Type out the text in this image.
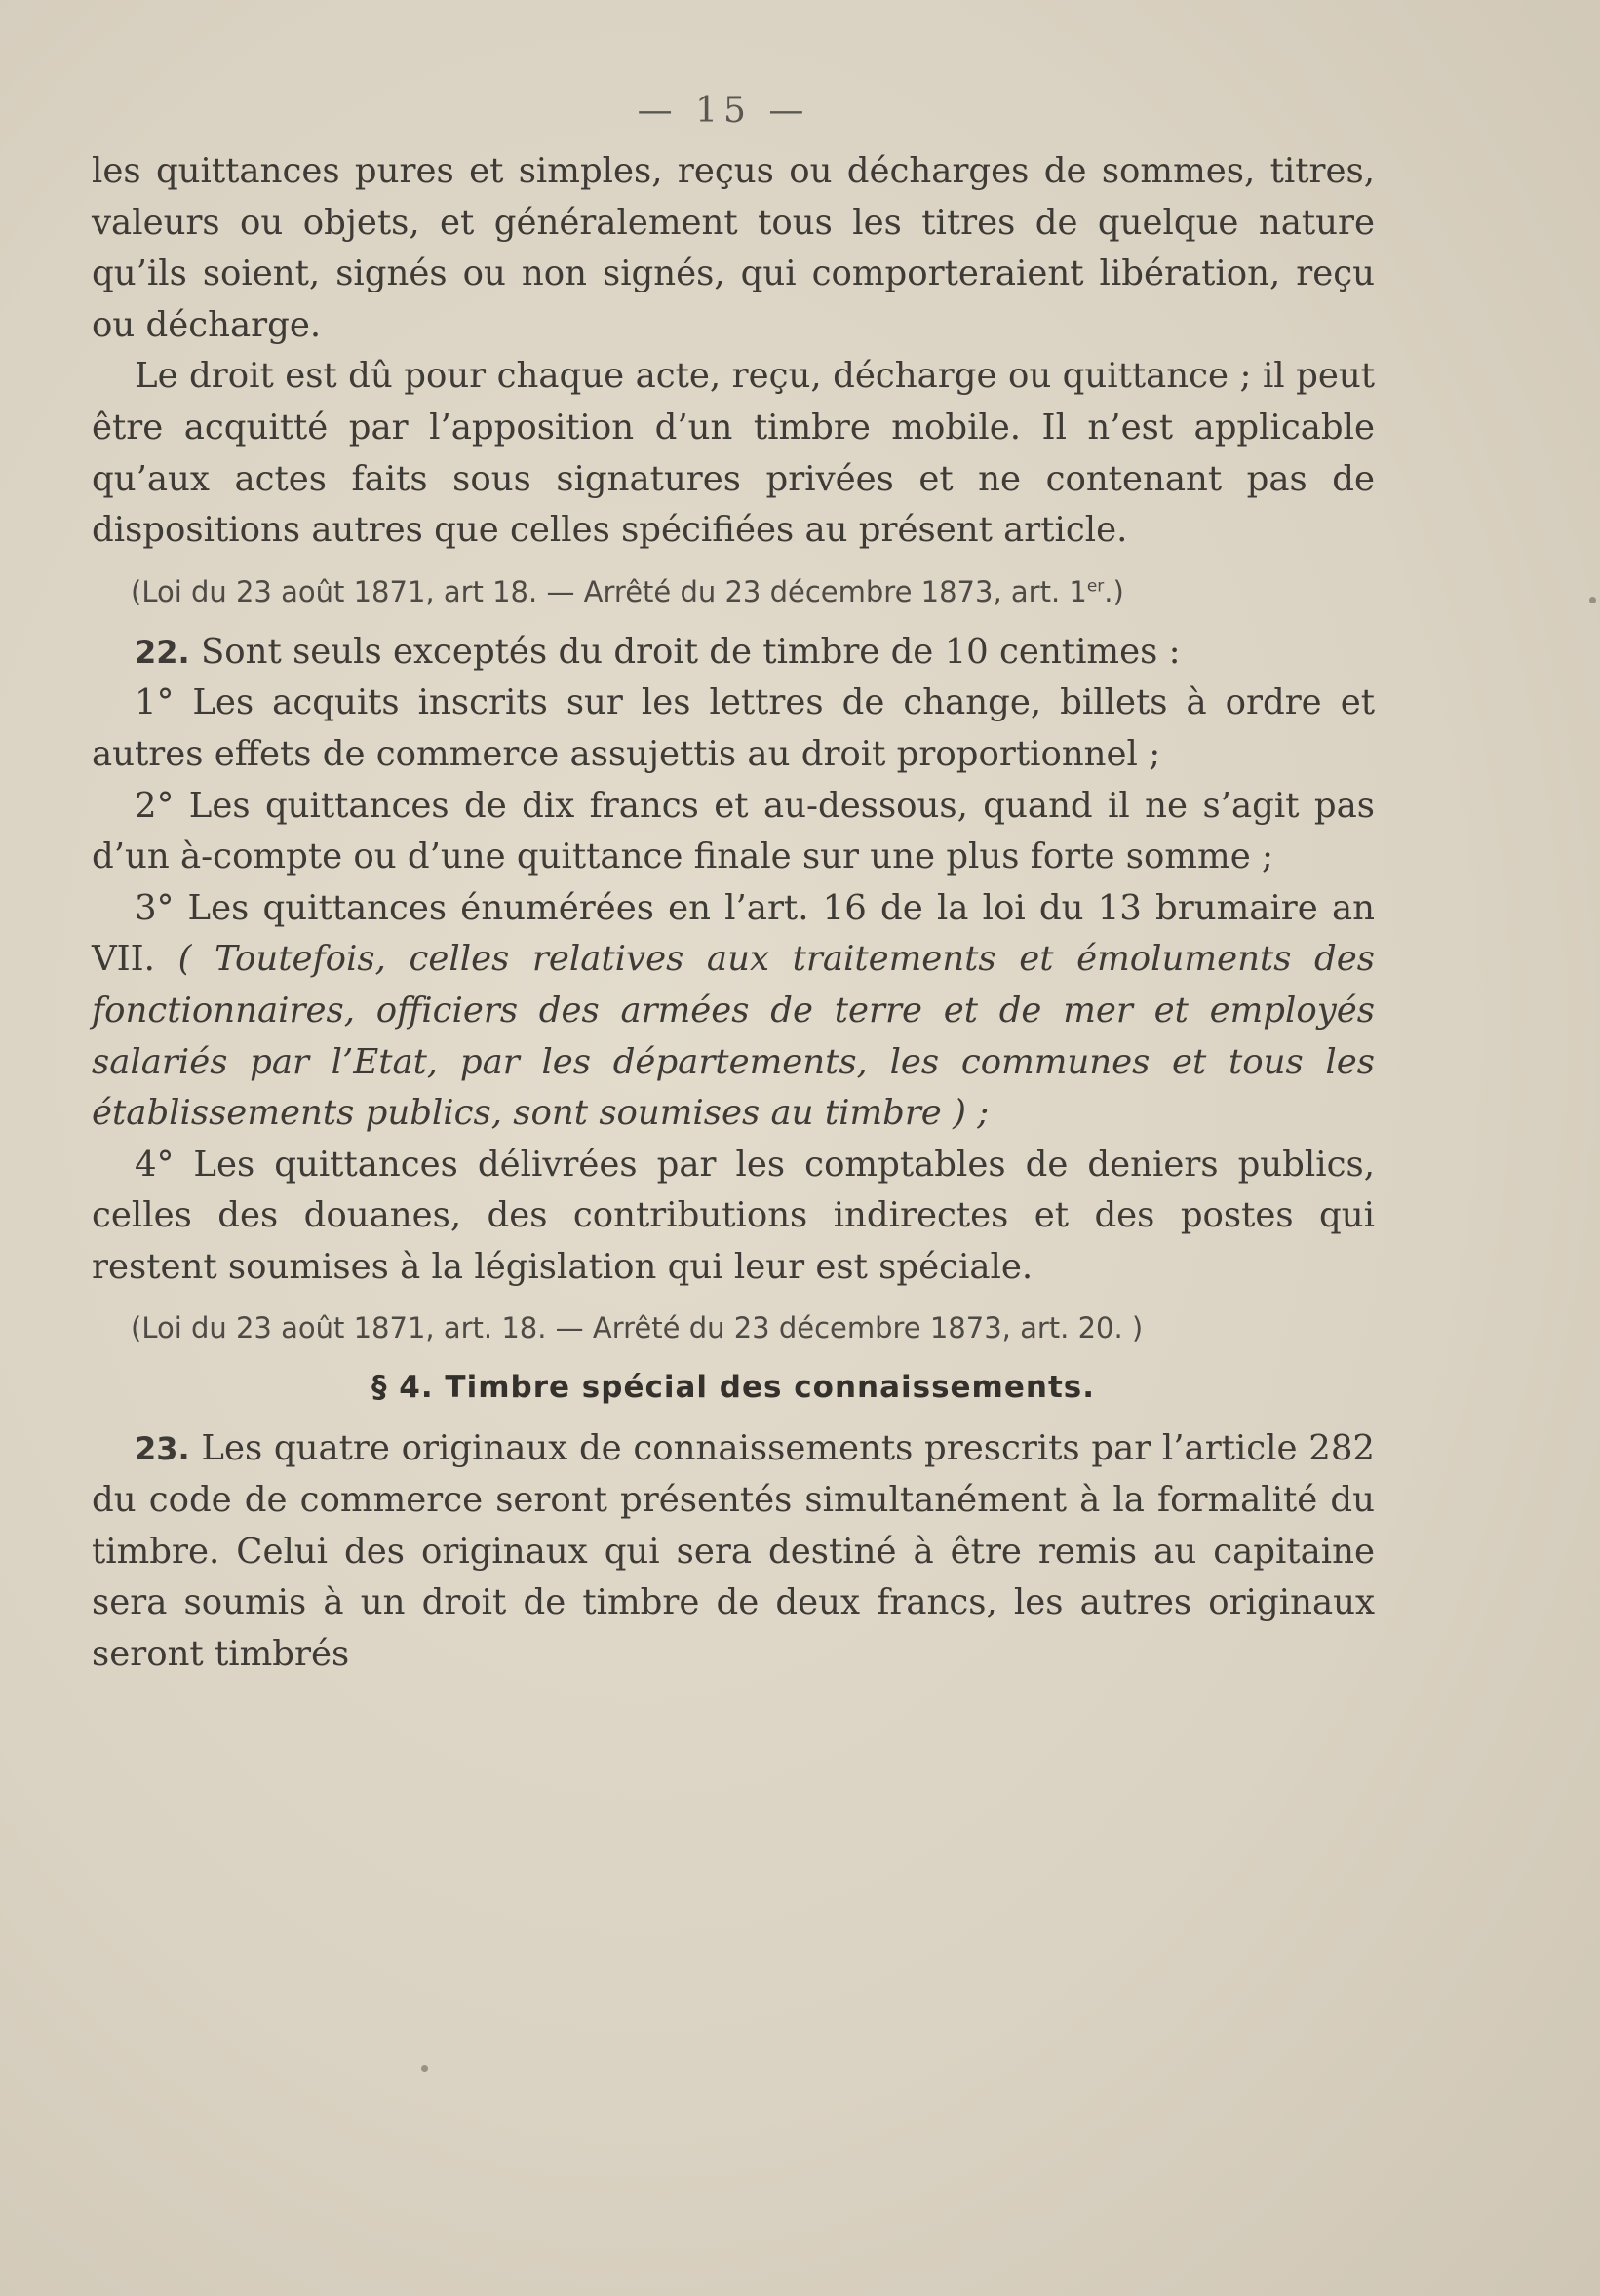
— 15 —

les quittances pures et simples, reçus ou décharges de sommes, titres, valeurs ou objets, et généralement tous les titres de quelque nature qu’ils soient, signés ou non signés, qui comporteraient libération, reçu ou décharge.

Le droit est dû pour chaque acte, reçu, décharge ou quittance ; il peut être acquitté par l’apposition d’un timbre mobile. Il n’est applicable qu’aux actes faits sous signatures privées et ne contenant pas de dispositions autres que celles spécifiées au présent article.

(Loi du 23 août 1871, art 18. — Arrêté du 23 décembre 1873, art. 1er.)

22. Sont seuls exceptés du droit de timbre de 10 centimes :

1° Les acquits inscrits sur les lettres de change, billets à ordre et autres effets de commerce assujettis au droit proportionnel ;

2° Les quittances de dix francs et au-dessous, quand il ne s’agit pas d’un à-compte ou d’une quittance finale sur une plus forte somme ;

3° Les quittances énumérées en l’art. 16 de la loi du 13 brumaire an VII. ( Toutefois, celles relatives aux traitements et émoluments des fonctionnaires, officiers des armées de terre et de mer et employés salariés par l’Etat, par les départements, les communes et tous les établissements publics, sont soumises au timbre ) ;

4° Les quittances délivrées par les comptables de deniers publics, celles des douanes, des contributions indirectes et des postes qui restent soumises à la législation qui leur est spéciale.

(Loi du 23 août 1871, art. 18. — Arrêté du 23 décembre 1873, art. 20. )
§ 4. Timbre spécial des connaissements.

23. Les quatre originaux de connaissements prescrits par l’article 282 du code de commerce seront présentés simultanément à la formalité du timbre. Celui des originaux qui sera destiné à être remis au capitaine sera soumis à un droit de timbre de deux francs, les autres originaux seront timbrés
